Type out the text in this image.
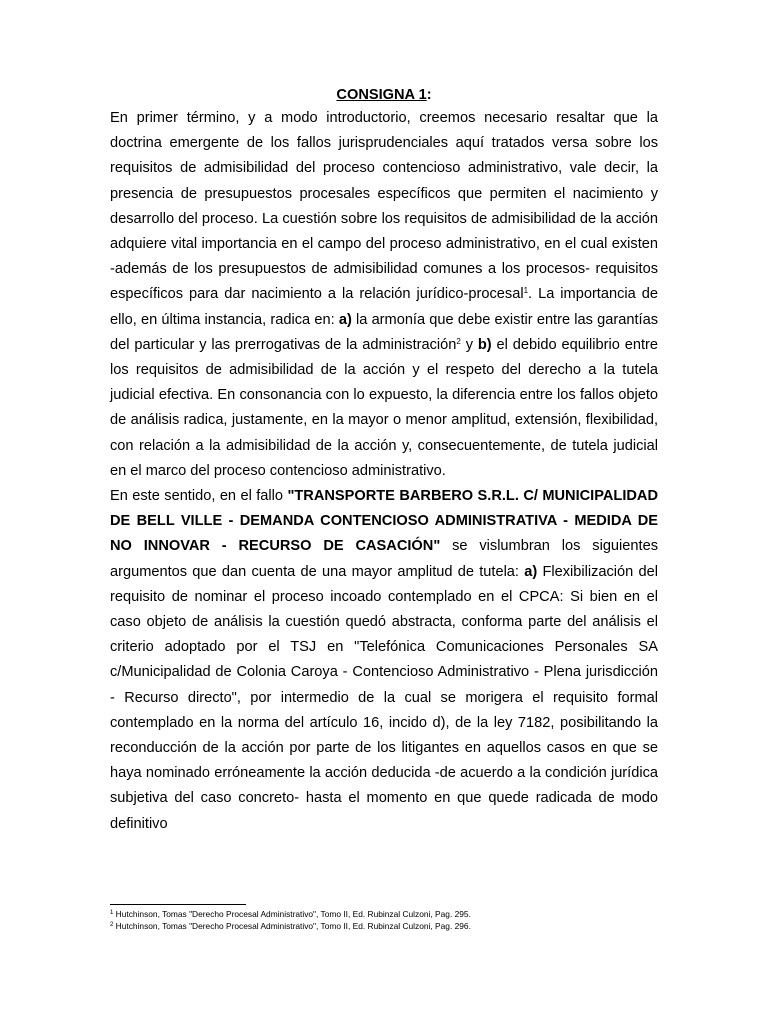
CONSIGNA 1:

En primer término, y a modo introductorio, creemos necesario resaltar que la doctrina emergente de los fallos jurisprudenciales aquí tratados versa sobre los requisitos de admisibilidad del proceso contencioso administrativo, vale decir, la presencia de presupuestos procesales específicos que permiten el nacimiento y desarrollo del proceso. La cuestión sobre los requisitos de admisibilidad de la acción adquiere vital importancia en el campo del proceso administrativo, en el cual existen -además de los presupuestos de admisibilidad comunes a los procesos- requisitos específicos para dar nacimiento a la relación jurídico-procesal$^1$. La importancia de ello, en última instancia, radica en: a) la armonía que debe existir entre las garantías del particular y las prerrogativas de la administración$^2$ y b) el debido equilibrio entre los requisitos de admisibilidad de la acción y el respeto del derecho a la tutela judicial efectiva. En consonancia con lo expuesto, la diferencia entre los fallos objeto de análisis radica, justamente, en la mayor o menor amplitud, extensión, flexibilidad, con relación a la admisibilidad de la acción y, consecuentemente, de tutela judicial en el marco del proceso contencioso administrativo.

En este sentido, en el fallo "TRANSPORTE BARBERO S.R.L. C/ MUNICIPALIDAD DE BELL VILLE - DEMANDA CONTENCIOSO ADMINISTRATIVA - MEDIDA DE NO INNOVAR - RECURSO DE CASACIÓN" se vislumbran los siguientes argumentos que dan cuenta de una mayor amplitud de tutela: a) Flexibilización del requisito de nominar el proceso incoado contemplado en el CPCA: Si bien en el caso objeto de análisis la cuestión quedó abstracta, conforma parte del análisis el criterio adoptado por el TSJ en "Telefónica Comunicaciones Personales SA c/Municipalidad de Colonia Caroya - Contencioso Administrativo - Plena jurisdicción - Recurso directo", por intermedio de la cual se morigera el requisito formal contemplado en la norma del artículo 16, incido d), de la ley 7182, posibilitando la reconducción de la acción por parte de los litigantes en aquellos casos en que se haya nominado erróneamente la acción deducida -de acuerdo a la condición jurídica subjetiva del caso concreto- hasta el momento en que quede radicada de modo definitivo

$^1$ Hutchinson, Tomas "Derecho Procesal Administrativo", Tomo II, Ed. Rubinzal Culzoni, Pag. 295.
$^2$ Hutchinson, Tomas "Derecho Procesal Administrativo", Tomo II, Ed. Rubinzal Culzoni, Pag. 296.
